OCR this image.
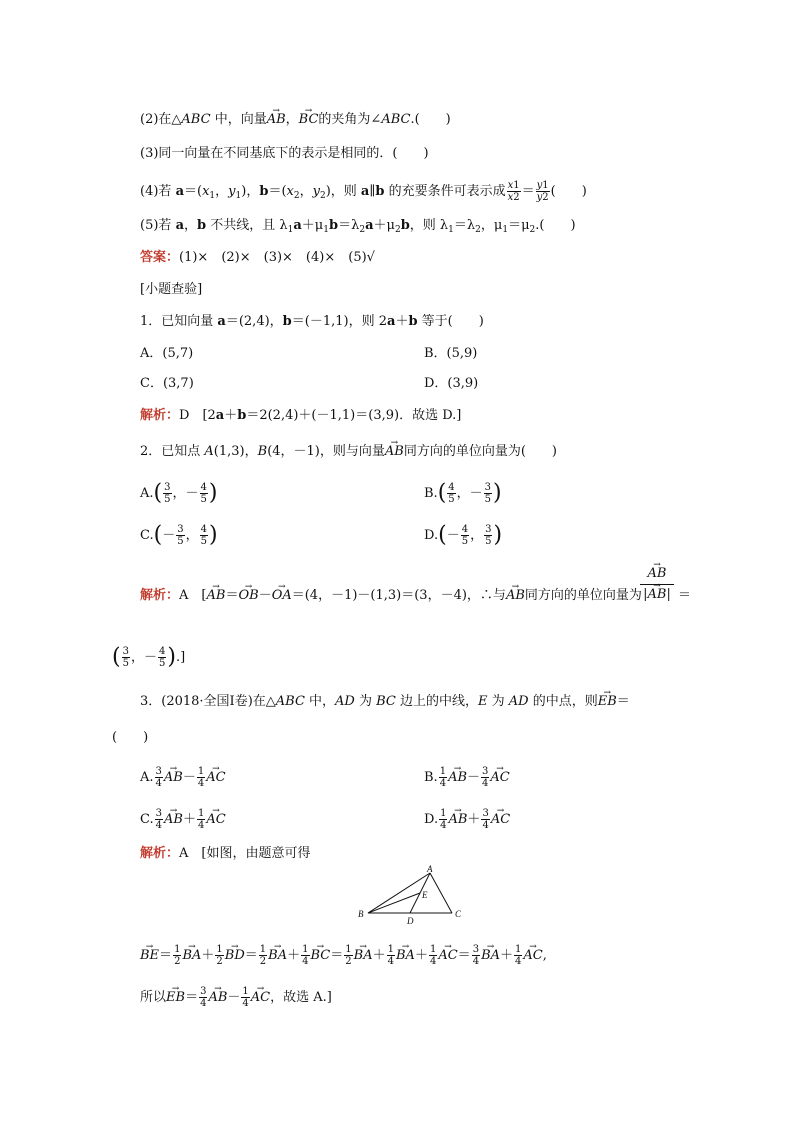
(2)在△ABC 中，向量→ AB，→ BC的夹角为∠ABC.(　　)
(3)同一向量在不同基底下的表示是相同的．(　　)
(4)若 $a=(x_1$，$y_1$)，$b=(x_2$，$y_2$)，则 a∥b 的充要条件可表示成 $\frac{x1}{x2} = \frac{y1}{y2}$ (　　)
(5)若 a，b 不共线，且 $\lambda_1a+\mu_1b=\lambda_2a+\mu_2b$，则 $\lambda_1=\lambda_2$，$\mu_1=\mu_2$.(　　)
答案：(1)×　(2)×　(3)×　(4)×　(5)√
[小题查验]
1．已知向量 a＝(2,4)，b＝(－1,1)，则 2a＋b 等于(　　)
A．(5,7)	B．(5,9)
C．(3,7)	D．(3,9)
解析：D　[2a＋b＝2(2,4)＋(－1,1)＝(3,9)．故选 D.]
2．已知点 A(1,3)，B(4，－1)，则与向量→ AB同方向的单位向量为(　　)
$A.( \frac{3}{5}$ ，－ $\frac{4}{5}$ )	$B.( \frac{4}{5}$ ，－ $\frac{3}{5}$ )
$C.(- \frac{3}{5}$ ， $\frac{4}{5}$ )	$D.(- \frac{4}{5}$ ， $\frac{3}{5}$ )
解析：A　[→ AB＝→ OB－→ OA＝(4，－1)－(1,3)＝(3，－4)，∴与→ AB同方向的单位向量为
→ AB
|→ AB| ＝
( $\frac{3}{5}$ ，－ $\frac{4}{5}$ ).]
3．(2018·全国Ⅰ卷)在△ABC 中，AD 为 BC 边上的中线，E 为 AD 的中点，则→ EB＝
(　　)
A. $\frac{3}{4}$
→ $AB- \frac{1}{4}$
→ AC	B. $\frac{1}{4}$
→ $AB- \frac{3}{4}$
→ AC
C. $\frac{3}{4}$
→ $AB+ \frac{1}{4}$
→ AC	D. $\frac{1}{4}$
→ $AB+ \frac{3}{4}$
→ AC
解析：A　[如图，由题意可得
A
B	C
D
E
→ $BE= \frac{1}{2}$
→ $BA+ \frac{1}{2}$
→ $BD= \frac{1}{2}$
→ $BA+ \frac{1}{4}$
→ $BC= \frac{1}{2}$
→ $BA+ \frac{1}{4}$
→ $BA+ \frac{1}{4}$
→ $AC= \frac{3}{4}$
→ $BA+ \frac{1}{4}$
→ AC,
所以→ $EB= \frac{3}{4}$
→ $AB- \frac{1}{4}$
→ AC，故选 A.]
